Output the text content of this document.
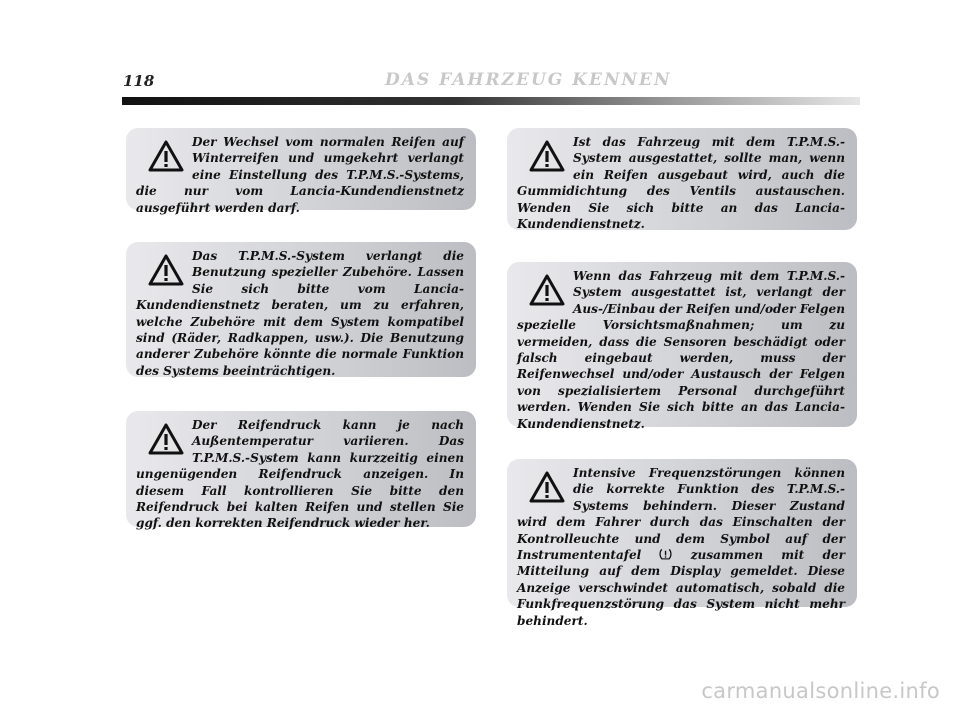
118	DAS FAHRZEUG KENNEN

Der Wechsel vom normalen Reifen auf Winterreifen und umgekehrt verlangt eine Einstellung des T.P.M.S.-Systems, die nur vom Lancia-Kundendienstnetz ausgeführt werden darf.

Das T.P.M.S.-System verlangt die Benutzung spezieller Zubehöre. Lassen Sie sich bitte vom Lancia-Kundendienstnetz beraten, um zu erfahren, welche Zubehöre mit dem System kompatibel sind (Räder, Radkappen, usw.). Die Benutzung anderer Zubehöre könnte die normale Funktion des Systems beeinträchtigen.

Der Reifendruck kann je nach Außentemperatur variieren. Das T.P.M.S.-System kann kurzzeitig einen ungenügenden Reifendruck anzeigen. In diesem Fall kontrollieren Sie bitte den Reifendruck bei kalten Reifen und stellen Sie ggf. den korrekten Reifendruck wieder her.

Ist das Fahrzeug mit dem T.P.M.S.-System ausgestattet, sollte man, wenn ein Reifen ausgebaut wird, auch die Gummidichtung des Ventils austauschen. Wenden Sie sich bitte an das Lancia-Kundendienstnetz.

Wenn das Fahrzeug mit dem T.P.M.S.-System ausgestattet ist, verlangt der Aus-/Einbau der Reifen und/oder Felgen spezielle Vorsichtsmaßnahmen; um zu vermeiden, dass die Sensoren beschädigt oder falsch eingebaut werden, muss der Reifenwechsel und/oder Austausch der Felgen von spezialisiertem Personal durchgeführt werden. Wenden Sie sich bitte an das Lancia-Kundendienstnetz.

Intensive Frequenzstörungen können die korrekte Funktion des T.P.M.S.-Systems behindern. Dieser Zustand wird dem Fahrer durch das Einschalten der Kontrolleuchte und dem Symbol auf der Instrumententafel	zusammen mit der Mitteilung auf dem Display gemeldet. Diese Anzeige verschwindet automatisch, sobald die Funkfrequenzstörung das System nicht mehr behindert.

carmanualsonline.info
